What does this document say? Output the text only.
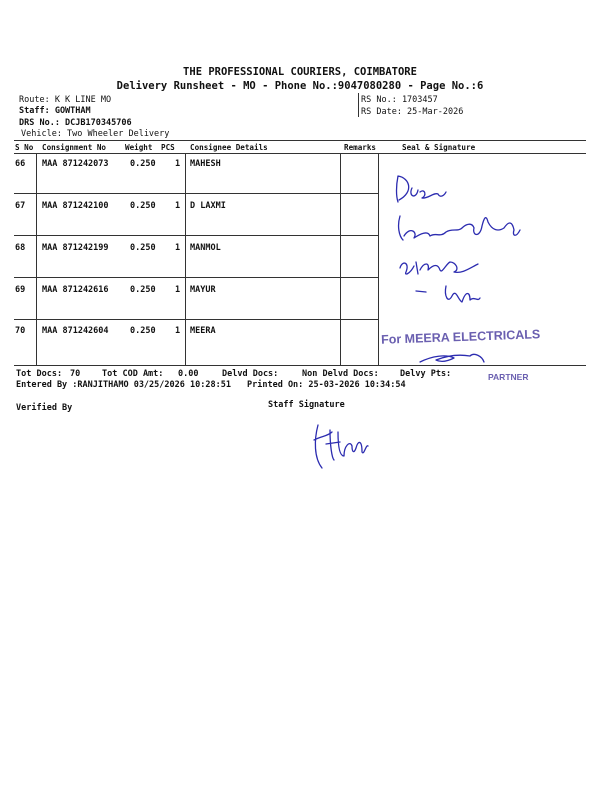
THE PROFESSIONAL COURIERS, COIMBATORE
Delivery Runsheet - MO - Phone No.:9047080280 - Page No.:6
Route: K K LINE MO
Staff: GOWTHAM
DRS No.: DCJB170345706
Vehicle: Two Wheeler Delivery
RS No.: 1703457
RS Date: 25-Mar-2026
S No Consignment No Weight PCS Consignee Details	Remarks	Seal & Signature
66 MAA 871242073	0.250 1 MAHESH
67 MAA 871242100	0.250 1 D LAXMI
68 MAA 871242199	0.250 1 MANMOL
69 MAA 871242616	0.250 1 MAYUR
70 MAA 871242604	0.250 1 MEERA	For MEERA ELECTRICALS
PARTNER
Tot Docs: 70	Tot COD Amt: 0.00	Delvd Docs:	Non Delvd Docs: Delvy Pts:
Entered By :RANJITHAMO 03/25/2026 10:28:51 Printed On: 25-03-2026 10:34:54
Verified By	Staff Signature
